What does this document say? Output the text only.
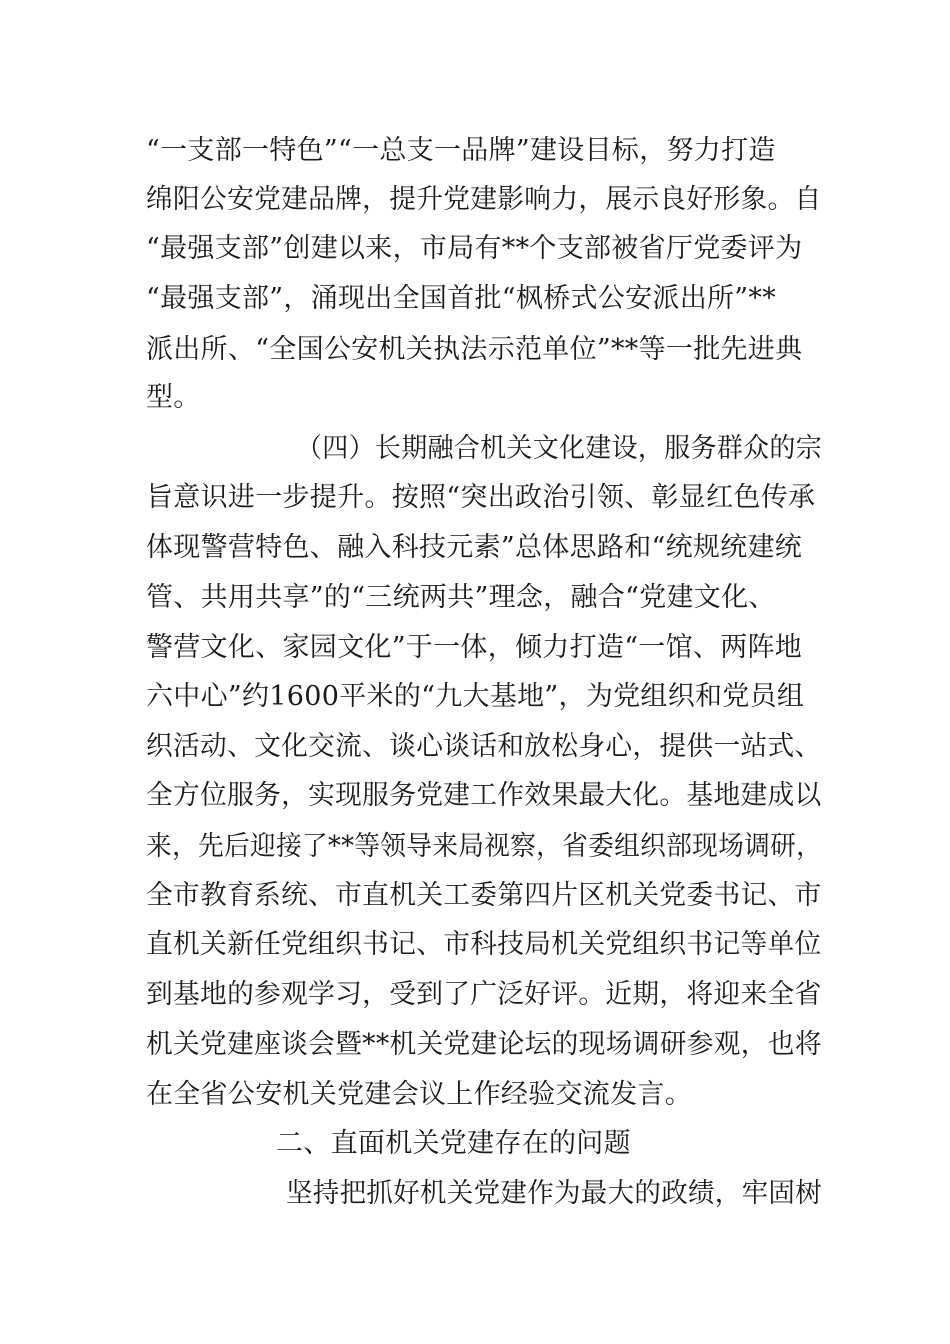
“一支部一特色”“一总支一品牌”建设目标，努力打造
绵阳公安党建品牌，提升党建影响力，展示良好形象。自
“最强支部”创建以来，市局有**个支部被省厅党委评为
“最强支部”，涌现出全国首批“枫桥式公安派出所”**
派出所、“全国公安机关执法示范单位”**等一批先进典
型。
（四）长期融合机关文化建设，服务群众的宗
旨意识进一步提升。按照“突出政治引领、彰显红色传承
体现警营特色、融入科技元素”总体思路和“统规统建统
管、共用共享”的“三统两共”理念，融合“党建文化、
警营文化、家园文化”于一体，倾力打造“一馆、两阵地
六中心”约1600平米的“九大基地”，为党组织和党员组
织活动、文化交流、谈心谈话和放松身心，提供一站式、
全方位服务，实现服务党建工作效果最大化。基地建成以
来，先后迎接了**等领导来局视察，省委组织部现场调研，
全市教育系统、市直机关工委第四片区机关党委书记、市
直机关新任党组织书记、市科技局机关党组织书记等单位
到基地的参观学习，受到了广泛好评。近期，将迎来全省
机关党建座谈会暨**机关党建论坛的现场调研参观，也将
在全省公安机关党建会议上作经验交流发言。
二、直面机关党建存在的问题
坚持把抓好机关党建作为最大的政绩，牢固树
